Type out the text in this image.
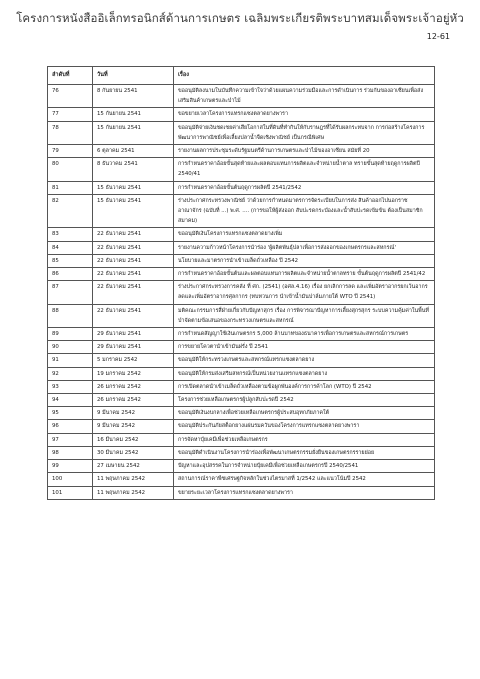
โครงการหนังสืออิเล็กทรอนิกส์ด้านการเกษตร เฉลิมพระเกียรติพระบาทสมเด็จพระเจ้าอยู่หัว
12-61
ลำดับที่	วันที่	เรื่อง
76	8 กันยายน 2541	ขออนุมัติลงนามในบันทึกความเข้าใจว่าด้วยแผนความร่วมมือและการดำเนินการ ร่วมกันของอาเซียนเพื่อส่งเสริมสินค้าเกษตรและป่าไม้
77	15 กันยายน 2541	ขอขยายเวลาโครงการแทรกแซงตลาดยางพารา
78	15 กันยายน 2541	ขออนุมัติจ่ายเงินชดเชยค่าเสียโอกาสในที่ดินที่ทำกินให้กับราษฎรที่ได้รับผลกระทบจาก การก่อสร้างโครงการพัฒนาการพาณิชย์เพื่อเลี้ยงปลาน้ำจืดเชิงพาณิชย์ เป็นกรณีพิเศษ
79	6 ตุลาคม 2541	รายงานผลการประชุมระดับรัฐมนตรีด้านการเกษตรและป่าไม้ของอาเซียน สมัยที่ 20
80	8 ธันวาคม 2541	การกำหนดราคาอ้อยขั้นสุดท้ายและผลตอบแทนการผลิตและจำหน่ายน้ำตาล ทรายขั้นสุดท้ายฤดูการผลิตปี 2540/41
81	15 ธันวาคม 2541	การกำหนดราคาอ้อยขั้นต้นฤดูการผลิตปี 2541/2542
82	15 ธันวาคม 2541	ร่างประกาศกระทรวงพาณิชย์ ว่าด้วยการกำหนดมาตรการจัดระเบียบในการส่ง สินค้าออกไปนอกราช อาณาจักร (ฉบับที่ ...) พ.ศ. .... (การขอให้ผู้ส่งออก สับปะรดกระป๋องและน้ำสับปะรดเข้มข้น ต้องเป็นสมาชิกสมาคม)
83	22 ธันวาคม 2541	ขออนุมัติเงินโครงการแทรกแซงตลาดยางเพิ่ม
84	22 ธันวาคม 2541	รายงานความก้าวหน้าโครงการนำร่อง 'ผู้ผลิตพันธุ์ปลาเพื่อการส่งออกของเกษตรกรและสหกรณ์'
85	22 ธันวาคม 2541	นโยบายและมาตรการนำเข้าเมล็ดถั่วเหลือง ปี 2542
86	22 ธันวาคม 2541	การกำหนดราคาอ้อยขั้นต้นและผลตอบแทนการผลิตและจำหน่ายน้ำตาลทราย ขั้นต้นฤดูการผลิตปี 2541/42
87	22 ธันวาคม 2541	ร่างประกาศกระทรวงการคลัง ที่ ศก. (2541) (อศล.4.16) เรื่อง ยกเลิกการลด และเพิ่มอัตราอากรยกเว้นอากร ลดและเพิ่มอัตราอากรศุลกากร (ทบทวนการ นำเข้าน้ำมันปาล์มภายใต้ WTO ปี 2541)
88	22 ธันวาคม 2541	มติคณะกรรมการสี่ฝ่ายเกี่ยวกับปัญหาสุกร เรื่อง การพิจารณาปัญหาการเลี้ยงสุกรสุกร ระบบความคุ้มค่าในพื้นที่ป่าจัดตามข้อเสนอของกระทรวงเกษตรและสหกรณ์
89	29 ธันวาคม 2541	การกำหนดสัญญาใช้เงินเกษตรกร 5,000 ล้านบาทของธนาคารเพื่อการเกษตรและสหกรณ์การเกษตร
90	29 ธันวาคม 2541	การขยายโควตานำเข้ามันฝรั่ง ปี 2541
91	5 มกราคม 2542	ขออนุมัติให้กระทรวงเกษตรและสหกรณ์แทรกแซงตลาดยาง
92	19 มกราคม 2542	ขออนุมัติให้กรมส่งเสริมสหกรณ์เป็นหน่วยงานแทรกแซงตลาดยาง
93	26 มกราคม 2542	การเปิดตลาดนำเข้าเมล็ดถั่วเหลืองตามข้อผูกพันองค์การการค้าโลก (WTO) ปี 2542
94	26 มกราคม 2542	โครงการช่วยเหลือเกษตรกรผู้ปลูกสับปะรดปี 2542
95	9 มีนาคม 2542	ขออนุมัติเงินงบกลางเพื่อช่วยเหลือเกษตรกรผู้ประสบอุทกภัยภาคใต้
96	9 มีนาคม 2542	ขออนุมัติประกันภัยสต็อกยางแผ่นรมควันของโครงการแทรกแซงตลาดยางพารา
97	16 มีนาคม 2542	การจัดหาปุ๋ยเคมีเพื่อช่วยเหลือเกษตรกร
98	30 มีนาคม 2542	ขออนุมัติดำเนินงานโครงการนำร่องเพื่อพัฒนาเกษตรกรรมยั่งยืนของเกษตรกรรายย่อย
99	27 เมษายน 2542	ปัญหาและอุปสรรคในการจำหน่ายปุ๋ยเคมีเพื่อช่วยเหลือเกษตรกรปี 2540/2541
100	11 พฤษภาคม 2542	สถานการณ์ราคาพืชเศรษฐกิจหลักในช่วงไตรมาสที่ 1/2542 และแนวโน้มปี 2542
101	11 พฤษภาคม 2542	ขยายระยะเวลาโครงการแทรกแซงตลาดยางพารา
